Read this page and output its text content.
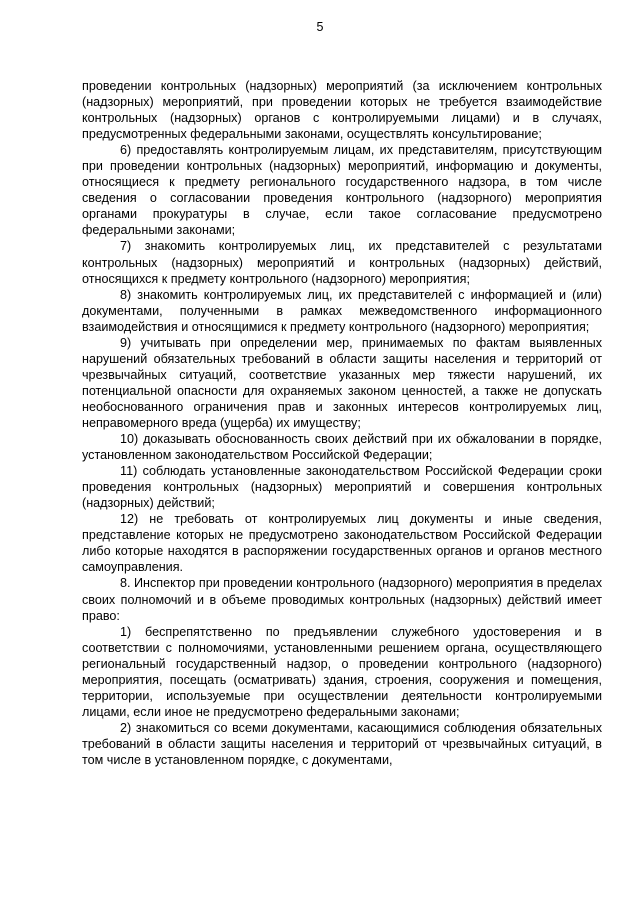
5

проведении контрольных (надзорных) мероприятий (за исключением контрольных (надзорных) мероприятий, при проведении которых не требуется взаимодействие контрольных (надзорных) органов с контролируемыми лицами) и в случаях, предусмотренных федеральными законами, осуществлять консультирование;

6) предоставлять контролируемым лицам, их представителям, присутствующим при проведении контрольных (надзорных) мероприятий, информацию и документы, относящиеся к предмету регионального государственного надзора, в том числе сведения о согласовании проведения контрольного (надзорного) мероприятия органами прокуратуры в случае, если такое согласование предусмотрено федеральными законами;

7) знакомить контролируемых лиц, их представителей с результатами контрольных (надзорных) мероприятий и контрольных (надзорных) действий, относящихся к предмету контрольного (надзорного) мероприятия;

8) знакомить контролируемых лиц, их представителей с информацией и (или) документами, полученными в рамках межведомственного информационного взаимодействия и относящимися к предмету контрольного (надзорного) мероприятия;

9) учитывать при определении мер, принимаемых по фактам выявленных нарушений обязательных требований в области защиты населения и территорий от чрезвычайных ситуаций, соответствие указанных мер тяжести нарушений, их потенциальной опасности для охраняемых законом ценностей, а также не допускать необоснованного ограничения прав и законных интересов контролируемых лиц, неправомерного вреда (ущерба) их имуществу;

10) доказывать обоснованность своих действий при их обжаловании в порядке, установленном законодательством Российской Федерации;

11) соблюдать установленные законодательством Российской Федерации сроки проведения контрольных (надзорных) мероприятий и совершения контрольных (надзорных) действий;

12) не требовать от контролируемых лиц документы и иные сведения, представление которых не предусмотрено законодательством Российской Федерации либо которые находятся в распоряжении государственных органов и органов местного самоуправления.

8. Инспектор при проведении контрольного (надзорного) мероприятия в пределах своих полномочий и в объеме проводимых контрольных (надзорных) действий имеет право:

1) беспрепятственно по предъявлении служебного удостоверения и в соответствии с полномочиями, установленными решением органа, осуществляющего региональный государственный надзор, о проведении контрольного (надзорного) мероприятия, посещать (осматривать) здания, строения, сооружения и помещения, территории, используемые при осуществлении деятельности контролируемыми лицами, если иное не предусмотрено федеральными законами;

2) знакомиться со всеми документами, касающимися соблюдения обязательных требований в области защиты населения и территорий от чрезвычайных ситуаций, в том числе в установленном порядке, с документами,
